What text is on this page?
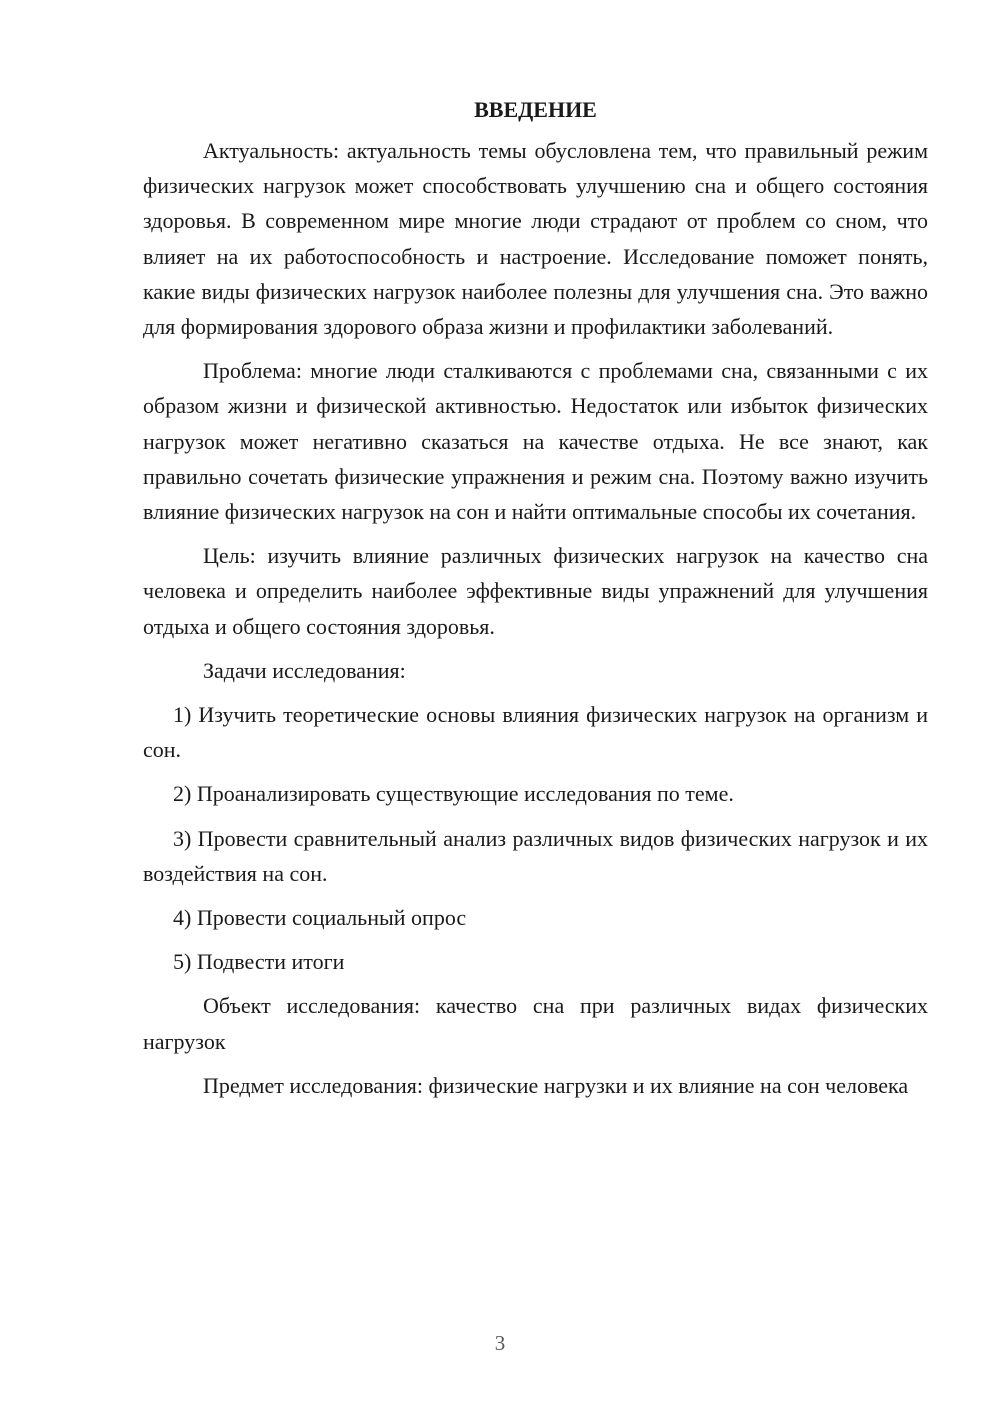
ВВЕДЕНИЕ

Актуальность: актуальность темы обусловлена тем, что правильный режим физических нагрузок может способствовать улучшению сна и общего состояния здоровья. В современном мире многие люди страдают от проблем со сном, что влияет на их работоспособность и настроение. Исследование поможет понять, какие виды физических нагрузок наиболее полезны для улучшения сна. Это важно для формирования здорового образа жизни и профилактики заболеваний.

Проблема: многие люди сталкиваются с проблемами сна, связанными с их образом жизни и физической активностью. Недостаток или избыток физических нагрузок может негативно сказаться на качестве отдыха. Не все знают, как правильно сочетать физические упражнения и режим сна. Поэтому важно изучить влияние физических нагрузок на сон и найти оптимальные способы их сочетания.

Цель: изучить влияние различных физических нагрузок на качество сна человека и определить наиболее эффективные виды упражнений для улучшения отдыха и общего состояния здоровья.

Задачи исследования:

1) Изучить теоретические основы влияния физических нагрузок на организм и сон.

2) Проанализировать существующие исследования по теме.

3) Провести сравнительный анализ различных видов физических нагрузок и их воздействия на сон.

4) Провести социальный опрос

5) Подвести итоги

Объект исследования: качество сна при различных видах физических нагрузок

Предмет исследования: физические нагрузки и их влияние на сон человека

3
